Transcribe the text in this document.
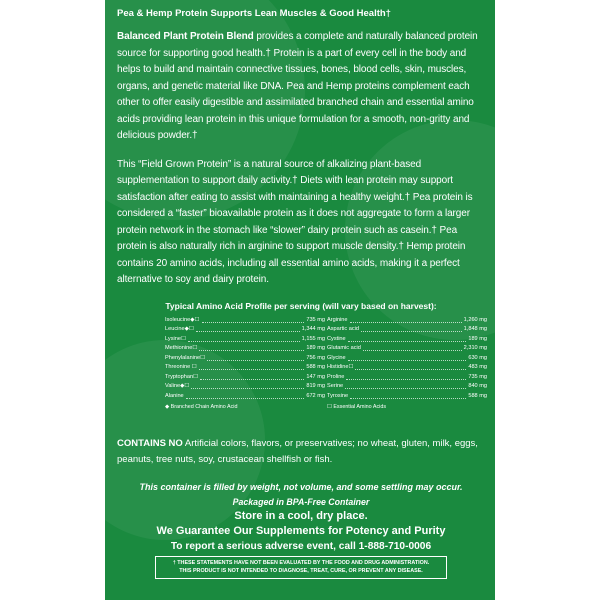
Pea & Hemp Protein Supports Lean Muscles & Good Health†

Balanced Plant Protein Blend provides a complete and naturally balanced protein source for supporting good health.† Protein is a part of every cell in the body and helps to build and maintain connective tissues, bones, blood cells, skin, muscles, organs, and genetic material like DNA. Pea and Hemp proteins complement each other to offer easily digestible and assimilated branched chain and essential amino acids providing lean protein in this unique formulation for a smooth, non-gritty and delicious powder.†

This “Field Grown Protein” is a natural source of alkalizing plant-based supplementation to support daily activity.† Diets with lean protein may support satisfaction after eating to assist with maintaining a healthy weight.† Pea protein is considered a “faster” bioavailable protein as it does not aggregate to form a larger protein network in the stomach like “slower” dairy protein such as casein.† Pea protein is also naturally rich in arginine to support muscle density.† Hemp protein contains 20 amino acids, including all essential amino acids, making it a perfect alternative to soy and dairy protein.

Typical Amino Acid Profile per serving (will vary based on harvest):
Isoleucine◆☐	735 mg
Leucine◆☐	1,344 mg
Lysine☐	1,155 mg
Methionine☐	189 mg
Phenylalanine☐	756 mg
Threonine ☐	588 mg
Tryptophan☐	147 mg
Valine◆☐	819 mg
Alanine	672 mg
◆ Branched Chain Amino Acid
Arginine	1,260 mg
Aspartic acid	1,848 mg
Cystine	189 mg
Glutamic acid	2,310 mg
Glycine	630 mg
Histidine☐	483 mg
Proline	735 mg
Serine	840 mg
Tyrosine	588 mg
☐ Essential Amino Acids

CONTAINS NO Artificial colors, flavors, or preservatives; no wheat, gluten, milk, eggs, peanuts, tree nuts, soy, crustacean shellfish or fish.

This container is filled by weight, not volume, and some settling may occur.
Packaged in BPA-Free Container
Store in a cool, dry place.
We Guarantee Our Supplements for Potency and Purity
To report a serious adverse event, call 1-888-710-0006
† THESE STATEMENTS HAVE NOT BEEN EVALUATED BY THE FOOD AND DRUG ADMINISTRATION.
THIS PRODUCT IS NOT INTENDED TO DIAGNOSE, TREAT, CURE, OR PREVENT ANY DISEASE.
